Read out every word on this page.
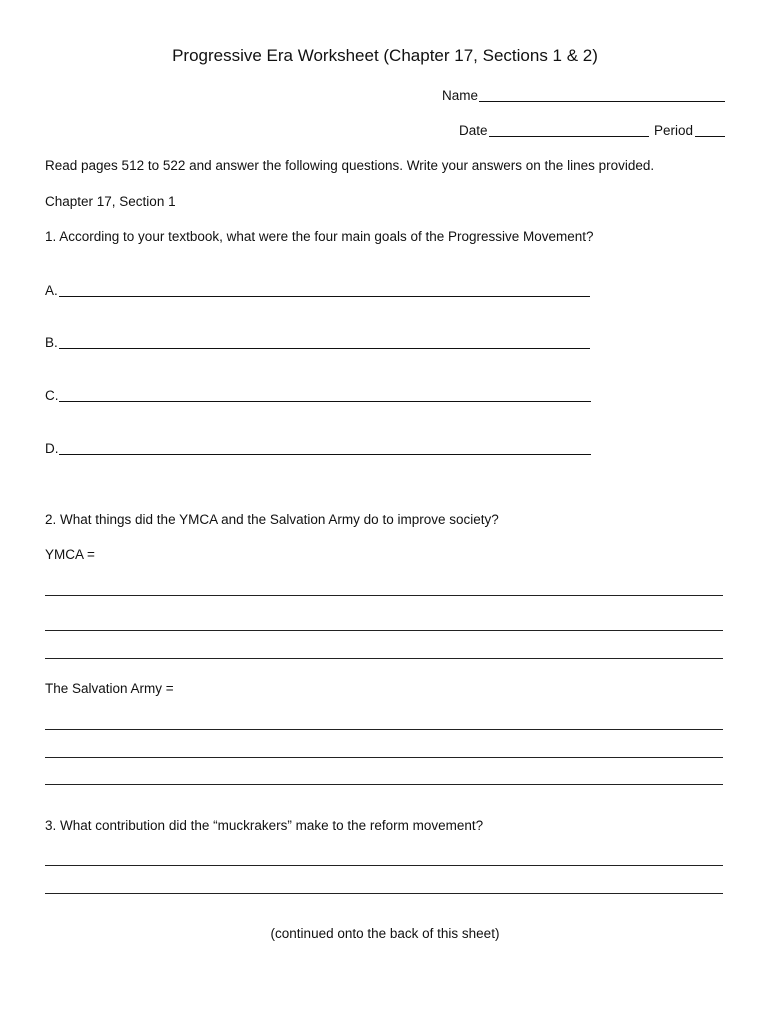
Progressive Era Worksheet (Chapter 17, Sections 1 & 2)
Name
Date	Period
Read pages 512 to 522 and answer the following questions. Write your answers on the lines provided.
Chapter 17, Section 1
1. According to your textbook, what were the four main goals of the Progressive Movement?
A.
B.
C.
D.
2. What things did the YMCA and the Salvation Army do to improve society?
YMCA =
The Salvation Army =
3. What contribution did the “muckrakers” make to the reform movement?
(continued onto the back of this sheet)
